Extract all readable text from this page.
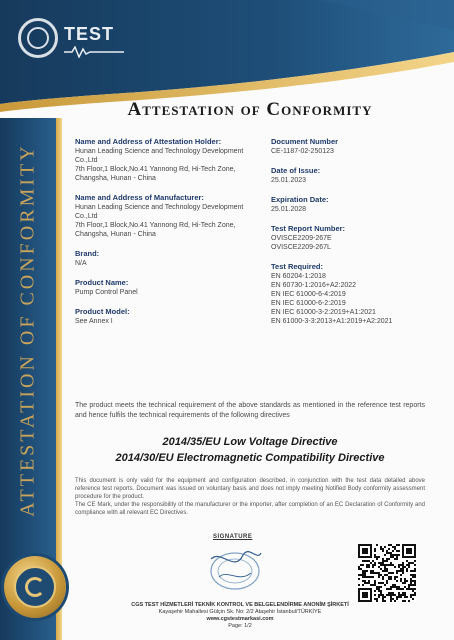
TEST
ATTESTATION OF CONFORMITY
Attestation of Conformity
Name and Address of Attestation Holder:
Hunan Leading Science and Technology Development
Co.,Ltd
7th Floor,1 Block,No.41 Yannong Rd, Hi-Tech Zone,
Changsha, Hunan - China
Name and Address of Manufacturer:
Hunan Leading Science and Technology Development
Co.,Ltd
7th Floor,1 Block,No.41 Yannong Rd, Hi-Tech Zone,
Changsha, Hunan - China
Brand:
N/A
Product Name:
Pump Control Panel
Product Model:
See Annex I
Document Number
CE-1187-02-250123
Date of Issue:
25.01.2023
Expiration Date:
25.01.2028
Test Report Number:
OVISCE2209-267E
OVISCE2209-267L
Test Required:
EN 60204-1:2018
EN 60730-1:2016+A2:2022
EN IEC 61000-6-4:2019
EN IEC 61000-6-2:2019
EN IEC 61000-3-2:2019+A1:2021
EN 61000-3-3:2013+A1:2019+A2:2021
The product meets the technical requirement of the above standards as mentioned in the reference test reports and hence fulfils the technical requirements of the following directives
2014/35/EU Low Voltage Directive
2014/30/EU Electromagnetic Compatibility Directive

This document is only valid for the equipment and configuration described, in conjunction with the test data detailed above reference test reports. Document was issued on voluntary basis and does not imply meeting Notified Body conformity assessment procedure for the product.

The CE Mark, under the responsibility of the manufacturer or the importer, after completion of an EC Declaration of Conformity and compliance with all relevant EC Directives.

SIGNATURE
CGS TEST HİZMETLERİ TEKNİK KONTROL VE BELGELENDİRME ANONİM ŞİRKETİ
Kayaşehir Mahallesi Gülçin Sk. No: 2/2 Ataşehir İstanbul/TÜRKİYE
www.cgstestmarkasi.com
Page: 1/2
